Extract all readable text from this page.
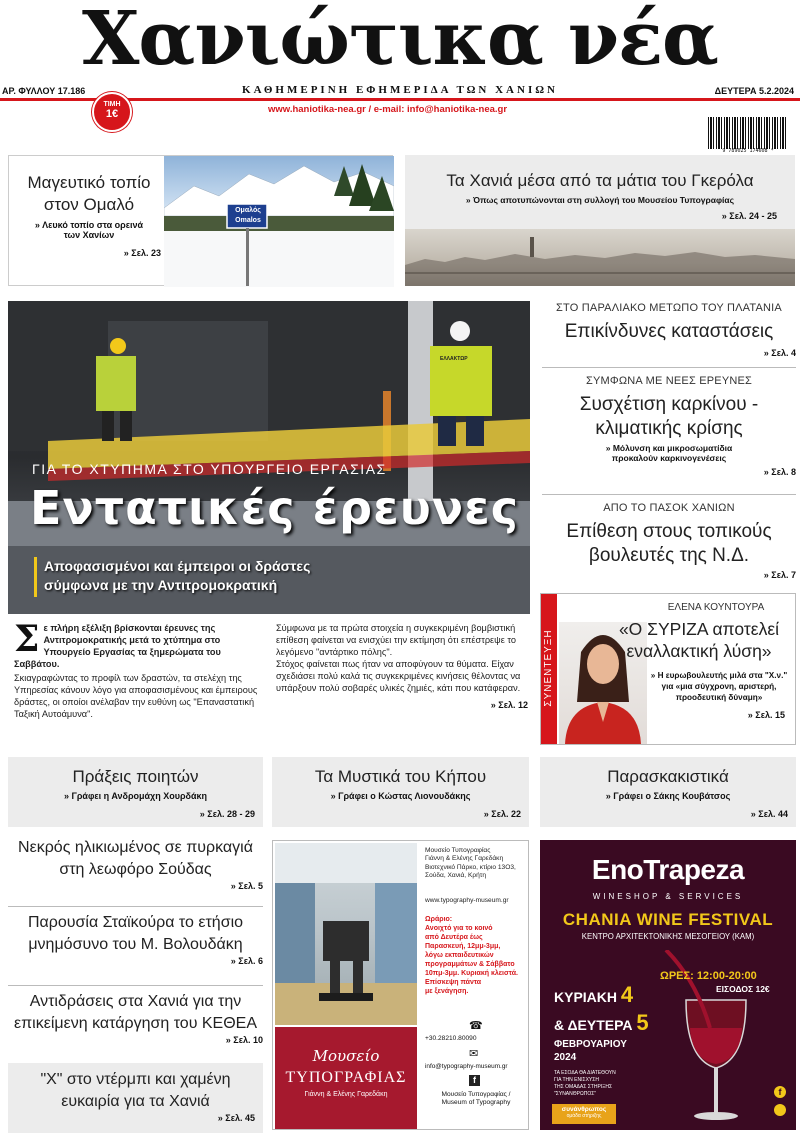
Χανιώτικα νέα
ΑΡ. ΦΥΛΛΟΥ 17.186	ΚΑΘΗΜΕΡΙΝΗ ΕΦΗΜΕΡΙΔΑ ΤΩΝ ΧΑΝΙΩΝ	ΔΕΥΤΕΡΑ 5.2.2024
ΤΙΜΗ
1€	www.haniotika-nea.gr / e-mail: info@haniotika-nea.gr
9 789025 174608 *
Ομαλός
Omalos
Μαγευτικό τοπίο
στον Ομαλό
» Λευκό τοπίο στα ορεινά
των Χανίων
» Σελ. 23
Τα Χανιά μέσα από τα μάτια του Γκερόλα
» Όπως αποτυπώνονται στη συλλογή του Μουσείου Τυπογραφίας
» Σελ. 24 - 25
ΕΛΛΑΚΤΩΡ
ΓΙΑ ΤΟ ΧΤΥΠΗΜΑ ΣΤΟ ΥΠΟΥΡΓΕΙΟ ΕΡΓΑΣΙΑΣ
Εντατικές έρευνες
Αποφασισμένοι και έμπειροι οι δράστες
σύμφωνα με την Αντιτρομοκρατική
Σ ε πλήρη εξέλιξη βρίσκονται έρευνες της Αντιτρομοκρατικής μετά το χτύπημα στο Υπουργείο Εργασίας τα ξημερώματα του Σαββάτου.
Σκιαγραφώντας το προφίλ των δραστών, τα στελέχη της Υπηρεσίας κάνουν λόγο για αποφασισμένους και έμπειρους δράστες, οι οποίοι ανέλαβαν την ευθύνη ως "Επαναστατική Ταξική Αυτοάμυνα".
Σύμφωνα με τα πρώτα στοιχεία η συγκεκριμένη βομβιστική επίθεση φαίνεται να ενισχύει την εκτίμηση ότι επέστρεψε το λεγόμενο "αντάρτικο πόλης".
Στόχος φαίνεται πως ήταν να αποφύγουν τα θύματα. Είχαν σχεδιάσει πολύ καλά τις συγκεκριμένες κινήσεις θέλοντας να υπάρξουν πολύ σοβαρές υλικές ζημιές, κάτι που κατάφεραν.
» Σελ. 12
ΣΤΟ ΠΑΡΑΛΙΑΚΟ ΜΕΤΩΠΟ ΤΟΥ ΠΛΑΤΑΝΙΑ
Επικίνδυνες καταστάσεις
» Σελ. 4
ΣΥΜΦΩΝΑ ΜΕ ΝΕΕΣ ΕΡΕΥΝΕΣ
Συσχέτιση καρκίνου -
κλιματικής κρίσης
» Μόλυνση και μικροσωματίδια
προκαλούν καρκινογενέσεις
» Σελ. 8
ΑΠΟ ΤΟ ΠΑΣΟΚ ΧΑΝΙΩΝ
Επίθεση στους τοπικούς
βουλευτές της Ν.Δ.
» Σελ. 7
ΣΥΝΕΝΤΕΥΞΗ
ΕΛΕΝΑ ΚΟΥΝΤΟΥΡΑ
«Ο ΣΥΡΙΖΑ αποτελεί
εναλλακτική λύση»
» Η ευρωβουλευτής μιλά στα "Χ.ν."
για «μια σύγχρονη, αριστερή,
προοδευτική δύναμη»
» Σελ. 15
Πράξεις ποιητών
» Γράφει η Ανδρομάχη Χουρδάκη
» Σελ. 28 - 29
Τα Μυστικά του Κήπου
» Γράφει ο Κώστας Λιονουδάκης
» Σελ. 22
Παρασκακιστικά
» Γράφει ο Σάκης Κουβάτσος
» Σελ. 44
Νεκρός ηλικιωμένος σε πυρκαγιά
στη λεωφόρο Σούδας
» Σελ. 5
Παρουσία Σταϊκούρα το ετήσιο
μνημόσυνο του Μ. Βολουδάκη
» Σελ. 6
Αντιδράσεις στα Χανιά για την
επικείμενη κατάργηση του ΚΕΘΕΑ
» Σελ. 10
"Χ" στο ντέρμπι και χαμένη
ευκαιρία για τα Χανιά
» Σελ. 45
Μουσείο Τυπογραφίας
Γιάννη & Ελένης Γαρεδάκη
Βιοτεχνικό Πάρκο, κτίριο 13Ο3,
Σούδα, Χανιά, Κρήτη
www.typography-museum.gr
Ωράριο:
Ανοιχτό για το κοινό
από Δευτέρα έως
Παρασκευή, 12μμ-3μμ,
λόγω εκπαιδευτικών
προγραμμάτων & Σάββατο
10πμ-3μμ. Κυριακή κλειστά.
Επίσκεψη πάντα
με ξενάγηση.
☎
+30.28210.80090
✉
info@typography-museum.gr
f
Μουσείο Τυπογραφίας /
Museum of Typography
Μουσείο
ΤΥΠΟΓΡΑΦΙΑΣ
Γιάννη & Ελένης Γαρεδάκη
EnoTrapeza
WINESHOP & SERVICES
CHANIA WINE FESTIVAL
ΚΕΝΤΡΟ ΑΡΧΙΤΕΚΤΟΝΙΚΗΣ ΜΕΣΟΓΕΙΟΥ (ΚΑΜ)
ΩΡΕΣ: 12:00-20:00
ΕΙΣΟΔΟΣ 12€
ΚΥΡΙΑΚΗ 4
& ΔΕΥΤΕΡΑ 5
ΦΕΒΡΟΥΑΡΙΟΥ
2024
ΤΑ ΕΣΟΔΑ ΘΑ ΔΙΑΤΕΘΟΥΝ
ΓΙΑ ΤΗΝ ΕΝΙΣΧΥΣΗ
ΤΗΣ ΟΜΑΔΑΣ ΣΤΗΡΙΞΗΣ
"ΣΥΝΑΝΘΡΩΠΟΣ"
συνάνθρωπος
ομάδα στήριξης
f
